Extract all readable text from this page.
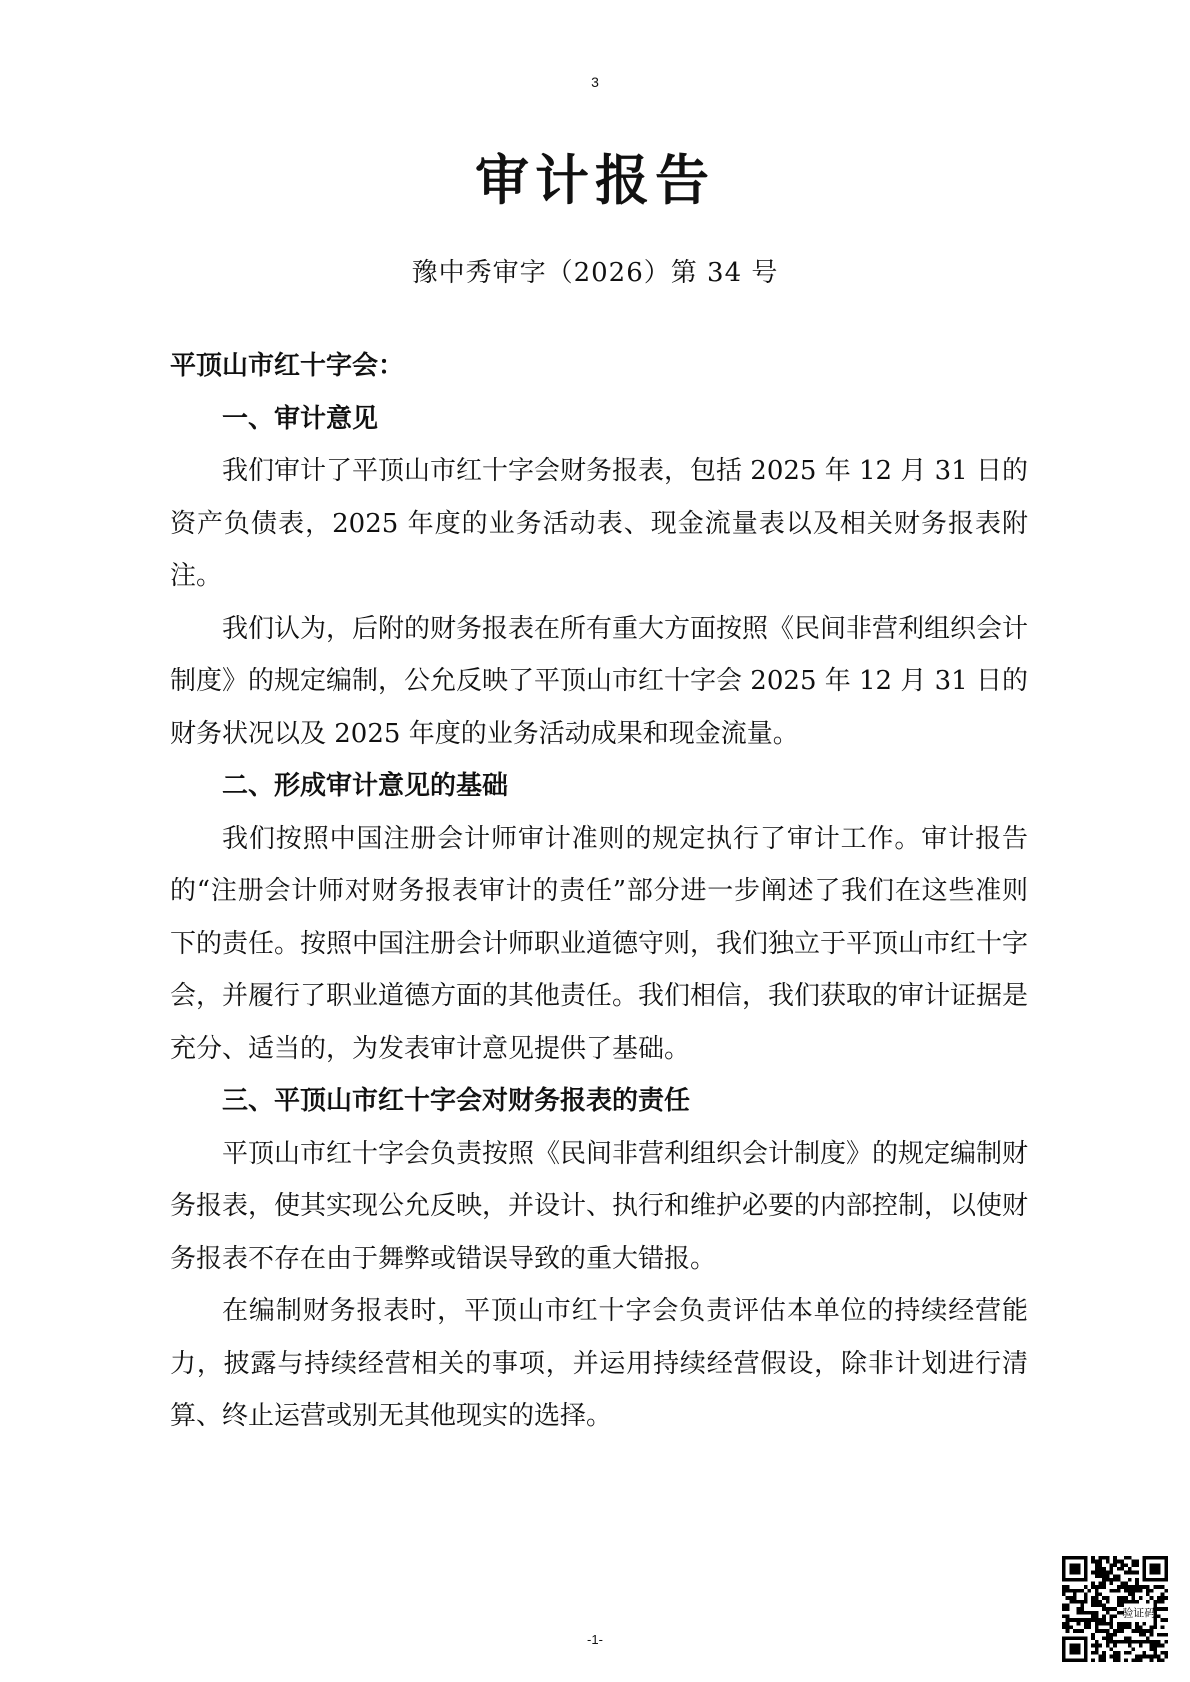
3
审计报告
豫中秀审字（2026）第 34 号

平顶山市红十字会：

一、审计意见

我们审计了平顶山市红十字会财务报表，包括 2025 年 12 月 31 日的资产负债表，2025 年度的业务活动表、现金流量表以及相关财务报表附注。

我们认为，后附的财务报表在所有重大方面按照《民间非营利组织会计制度》的规定编制，公允反映了平顶山市红十字会 2025 年 12 月 31 日的财务状况以及 2025 年度的业务活动成果和现金流量。

二、形成审计意见的基础

我们按照中国注册会计师审计准则的规定执行了审计工作。审计报告的“注册会计师对财务报表审计的责任”部分进一步阐述了我们在这些准则下的责任。按照中国注册会计师职业道德守则，我们独立于平顶山市红十字会，并履行了职业道德方面的其他责任。我们相信，我们获取的审计证据是充分、适当的，为发表审计意见提供了基础。

三、平顶山市红十字会对财务报表的责任

平顶山市红十字会负责按照《民间非营利组织会计制度》的规定编制财务报表，使其实现公允反映，并设计、执行和维护必要的内部控制，以使财务报表不存在由于舞弊或错误导致的重大错报。

在编制财务报表时，平顶山市红十字会负责评估本单位的持续经营能力，披露与持续经营相关的事项，并运用持续经营假设，除非计划进行清算、终止运营或别无其他现实的选择。

验证码
-1-
